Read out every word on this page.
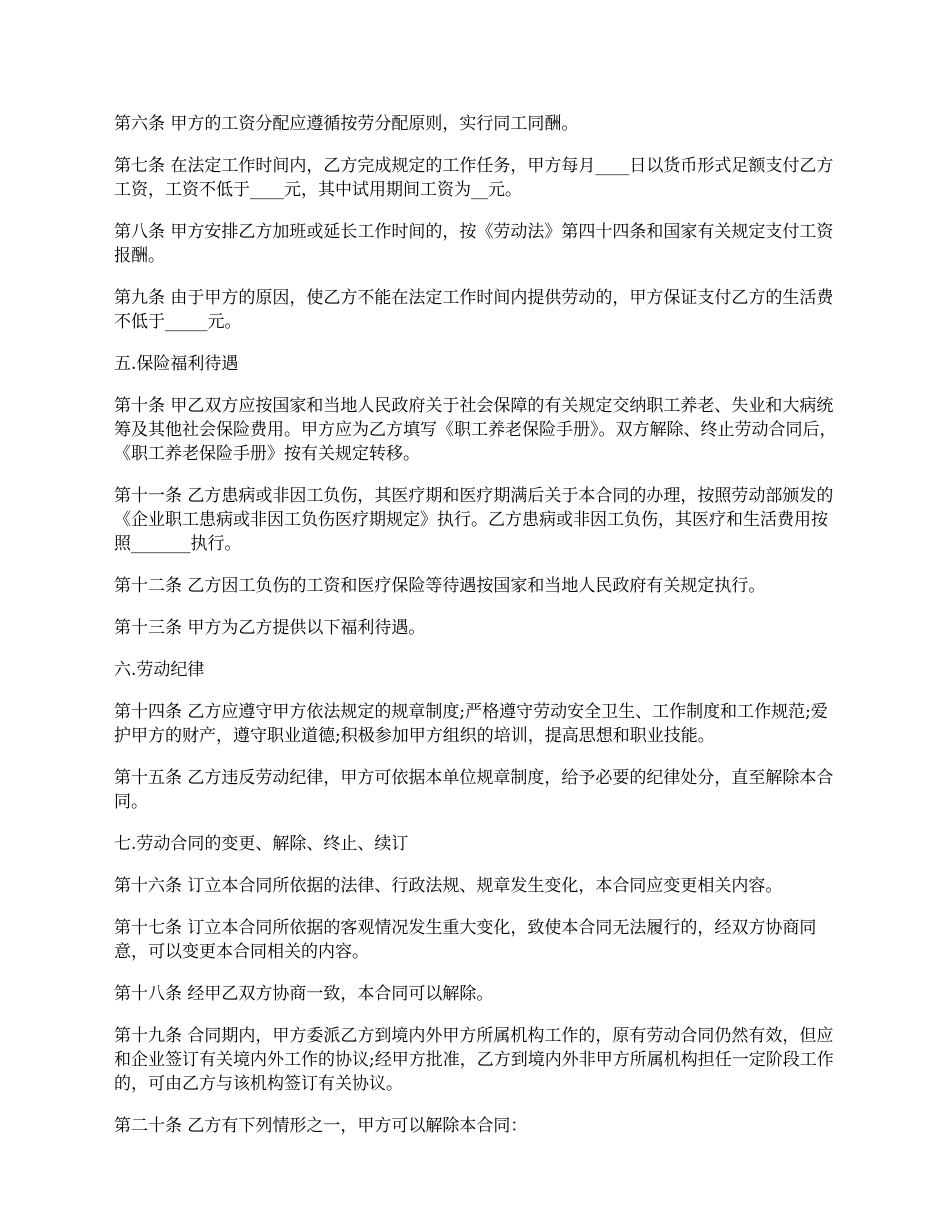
第六条 甲方的工资分配应遵循按劳分配原则，实行同工同酬。

第七条 在法定工作时间内，乙方完成规定的工作任务，甲方每月____日以货币形式足额支付乙方工资，工资不低于____元，其中试用期间工资为__元。

第八条 甲方安排乙方加班或延长工作时间的，按《劳动法》第四十四条和国家有关规定支付工资报酬。

第九条 由于甲方的原因，使乙方不能在法定工作时间内提供劳动的，甲方保证支付乙方的生活费不低于_____元。

五.保险福利待遇

第十条 甲乙双方应按国家和当地人民政府关于社会保障的有关规定交纳职工养老、失业和大病统筹及其他社会保险费用。甲方应为乙方填写《职工养老保险手册》。双方解除、终止劳动合同后，《职工养老保险手册》按有关规定转移。

第十一条 乙方患病或非因工负伤，其医疗期和医疗期满后关于本合同的办理，按照劳动部颁发的《企业职工患病或非因工负伤医疗期规定》执行。乙方患病或非因工负伤，其医疗和生活费用按照_______执行。

第十二条 乙方因工负伤的工资和医疗保险等待遇按国家和当地人民政府有关规定执行。

第十三条 甲方为乙方提供以下福利待遇。

六.劳动纪律

第十四条 乙方应遵守甲方依法规定的规章制度;严格遵守劳动安全卫生、工作制度和工作规范;爱护甲方的财产，遵守职业道德;积极参加甲方组织的培训，提高思想和职业技能。

第十五条 乙方违反劳动纪律，甲方可依据本单位规章制度，给予必要的纪律处分，直至解除本合同。

七.劳动合同的变更、解除、终止、续订

第十六条 订立本合同所依据的法律、行政法规、规章发生变化，本合同应变更相关内容。

第十七条 订立本合同所依据的客观情况发生重大变化，致使本合同无法履行的，经双方协商同意，可以变更本合同相关的内容。

第十八条 经甲乙双方协商一致，本合同可以解除。

第十九条 合同期内，甲方委派乙方到境内外甲方所属机构工作的，原有劳动合同仍然有效，但应和企业签订有关境内外工作的协议;经甲方批准，乙方到境内外非甲方所属机构担任一定阶段工作的，可由乙方与该机构签订有关协议。

第二十条 乙方有下列情形之一，甲方可以解除本合同：
